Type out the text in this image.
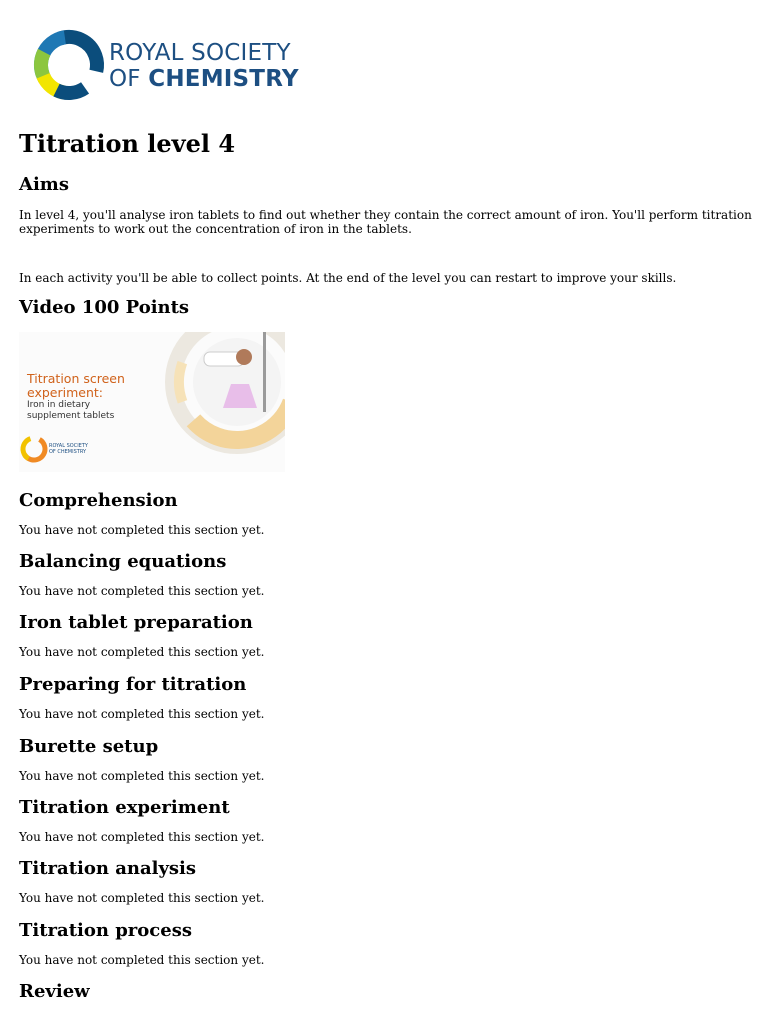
ROYAL SOCIETY
OF CHEMISTRY
Titration level 4
Aims

In level 4, you'll analyse iron tablets to find out whether they contain the correct amount of iron. You'll perform titration experiments to work out the concentration of iron in the tablets.

In each activity you'll be able to collect points. At the end of the level you can restart to improve your skills.

Video 100 Points
Titration screen
experiment:
Iron in dietary
supplement tablets
ROYAL SOCIETY
OF CHEMISTRY
Comprehension

You have not completed this section yet.

Balancing equations

You have not completed this section yet.

Iron tablet preparation

You have not completed this section yet.

Preparing for titration

You have not completed this section yet.

Burette setup

You have not completed this section yet.

Titration experiment

You have not completed this section yet.

Titration analysis

You have not completed this section yet.

Titration process

You have not completed this section yet.

Review
